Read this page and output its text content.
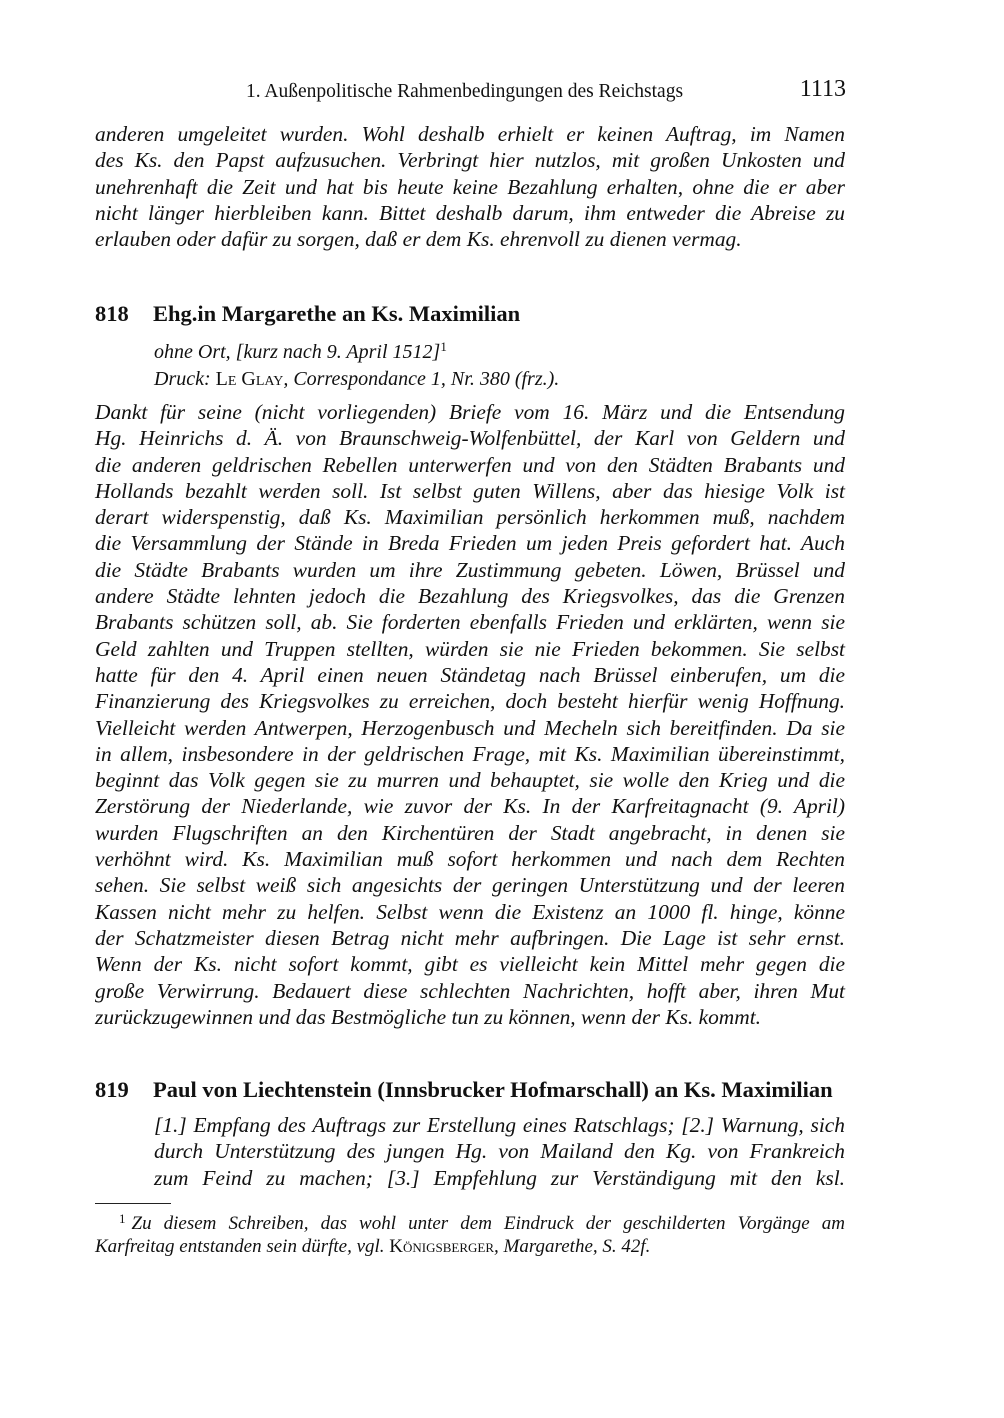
1. Außenpolitische Rahmenbedingungen des Reichstags	1113
anderen umgeleitet wurden. Wohl deshalb erhielt er keinen Auftrag, im Namen
des Ks. den Papst aufzusuchen. Verbringt hier nutzlos, mit großen Unkosten und
unehrenhaft die Zeit und hat bis heute keine Bezahlung erhalten, ohne die er aber
nicht länger hierbleiben kann. Bittet deshalb darum, ihm entweder die Abreise zu
erlauben oder dafür zu sorgen, daß er dem Ks. ehrenvoll zu dienen vermag.
818 Ehg.in Margarethe an Ks. Maximilian
ohne Ort, [kurz nach 9. April 1512]$^1$
Druck: Le Glay, Correspondance 1, Nr. 380 (frz.).
Dankt für seine (nicht vorliegenden) Briefe vom 16. März und die Entsendung
Hg. Heinrichs d. Ä. von Braunschweig-Wolfenbüttel, der Karl von Geldern und
die anderen geldrischen Rebellen unterwerfen und von den Städten Brabants und
Hollands bezahlt werden soll. Ist selbst guten Willens, aber das hiesige Volk ist
derart widerspenstig, daß Ks. Maximilian persönlich herkommen muß, nachdem
die Versammlung der Stände in Breda Frieden um jeden Preis gefordert hat. Auch
die Städte Brabants wurden um ihre Zustimmung gebeten. Löwen, Brüssel und
andere Städte lehnten jedoch die Bezahlung des Kriegsvolkes, das die Grenzen
Brabants schützen soll, ab. Sie forderten ebenfalls Frieden und erklärten, wenn sie
Geld zahlten und Truppen stellten, würden sie nie Frieden bekommen. Sie selbst
hatte für den 4. April einen neuen Ständetag nach Brüssel einberufen, um die
Finanzierung des Kriegsvolkes zu erreichen, doch besteht hierfür wenig Hoffnung.
Vielleicht werden Antwerpen, Herzogenbusch und Mecheln sich bereitfinden. Da sie
in allem, insbesondere in der geldrischen Frage, mit Ks. Maximilian übereinstimmt,
beginnt das Volk gegen sie zu murren und behauptet, sie wolle den Krieg und die
Zerstörung der Niederlande, wie zuvor der Ks. In der Karfreitagnacht (9. April)
wurden Flugschriften an den Kirchentüren der Stadt angebracht, in denen sie
verhöhnt wird. Ks. Maximilian muß sofort herkommen und nach dem Rechten
sehen. Sie selbst weiß sich angesichts der geringen Unterstützung und der leeren
Kassen nicht mehr zu helfen. Selbst wenn die Existenz an 1000 fl. hinge, könne
der Schatzmeister diesen Betrag nicht mehr aufbringen. Die Lage ist sehr ernst.
Wenn der Ks. nicht sofort kommt, gibt es vielleicht kein Mittel mehr gegen die
große Verwirrung. Bedauert diese schlechten Nachrichten, hofft aber, ihren Mut
zurückzugewinnen und das Bestmögliche tun zu können, wenn der Ks. kommt.
819 Paul von Liechtenstein (Innsbrucker Hofmarschall) an Ks. Maximilian
[1.] Empfang des Auftrags zur Erstellung eines Ratschlags; [2.] Warnung, sich
durch Unterstützung des jungen Hg. von Mailand den Kg. von Frankreich
zum Feind zu machen; [3.] Empfehlung zur Verständigung mit den ksl.
$^1$ Zu diesem Schreiben, das wohl unter dem Eindruck der geschilderten Vorgänge am
Karfreitag entstanden sein dürfte, vgl. Königsberger, Margarethe, S. 42f.
